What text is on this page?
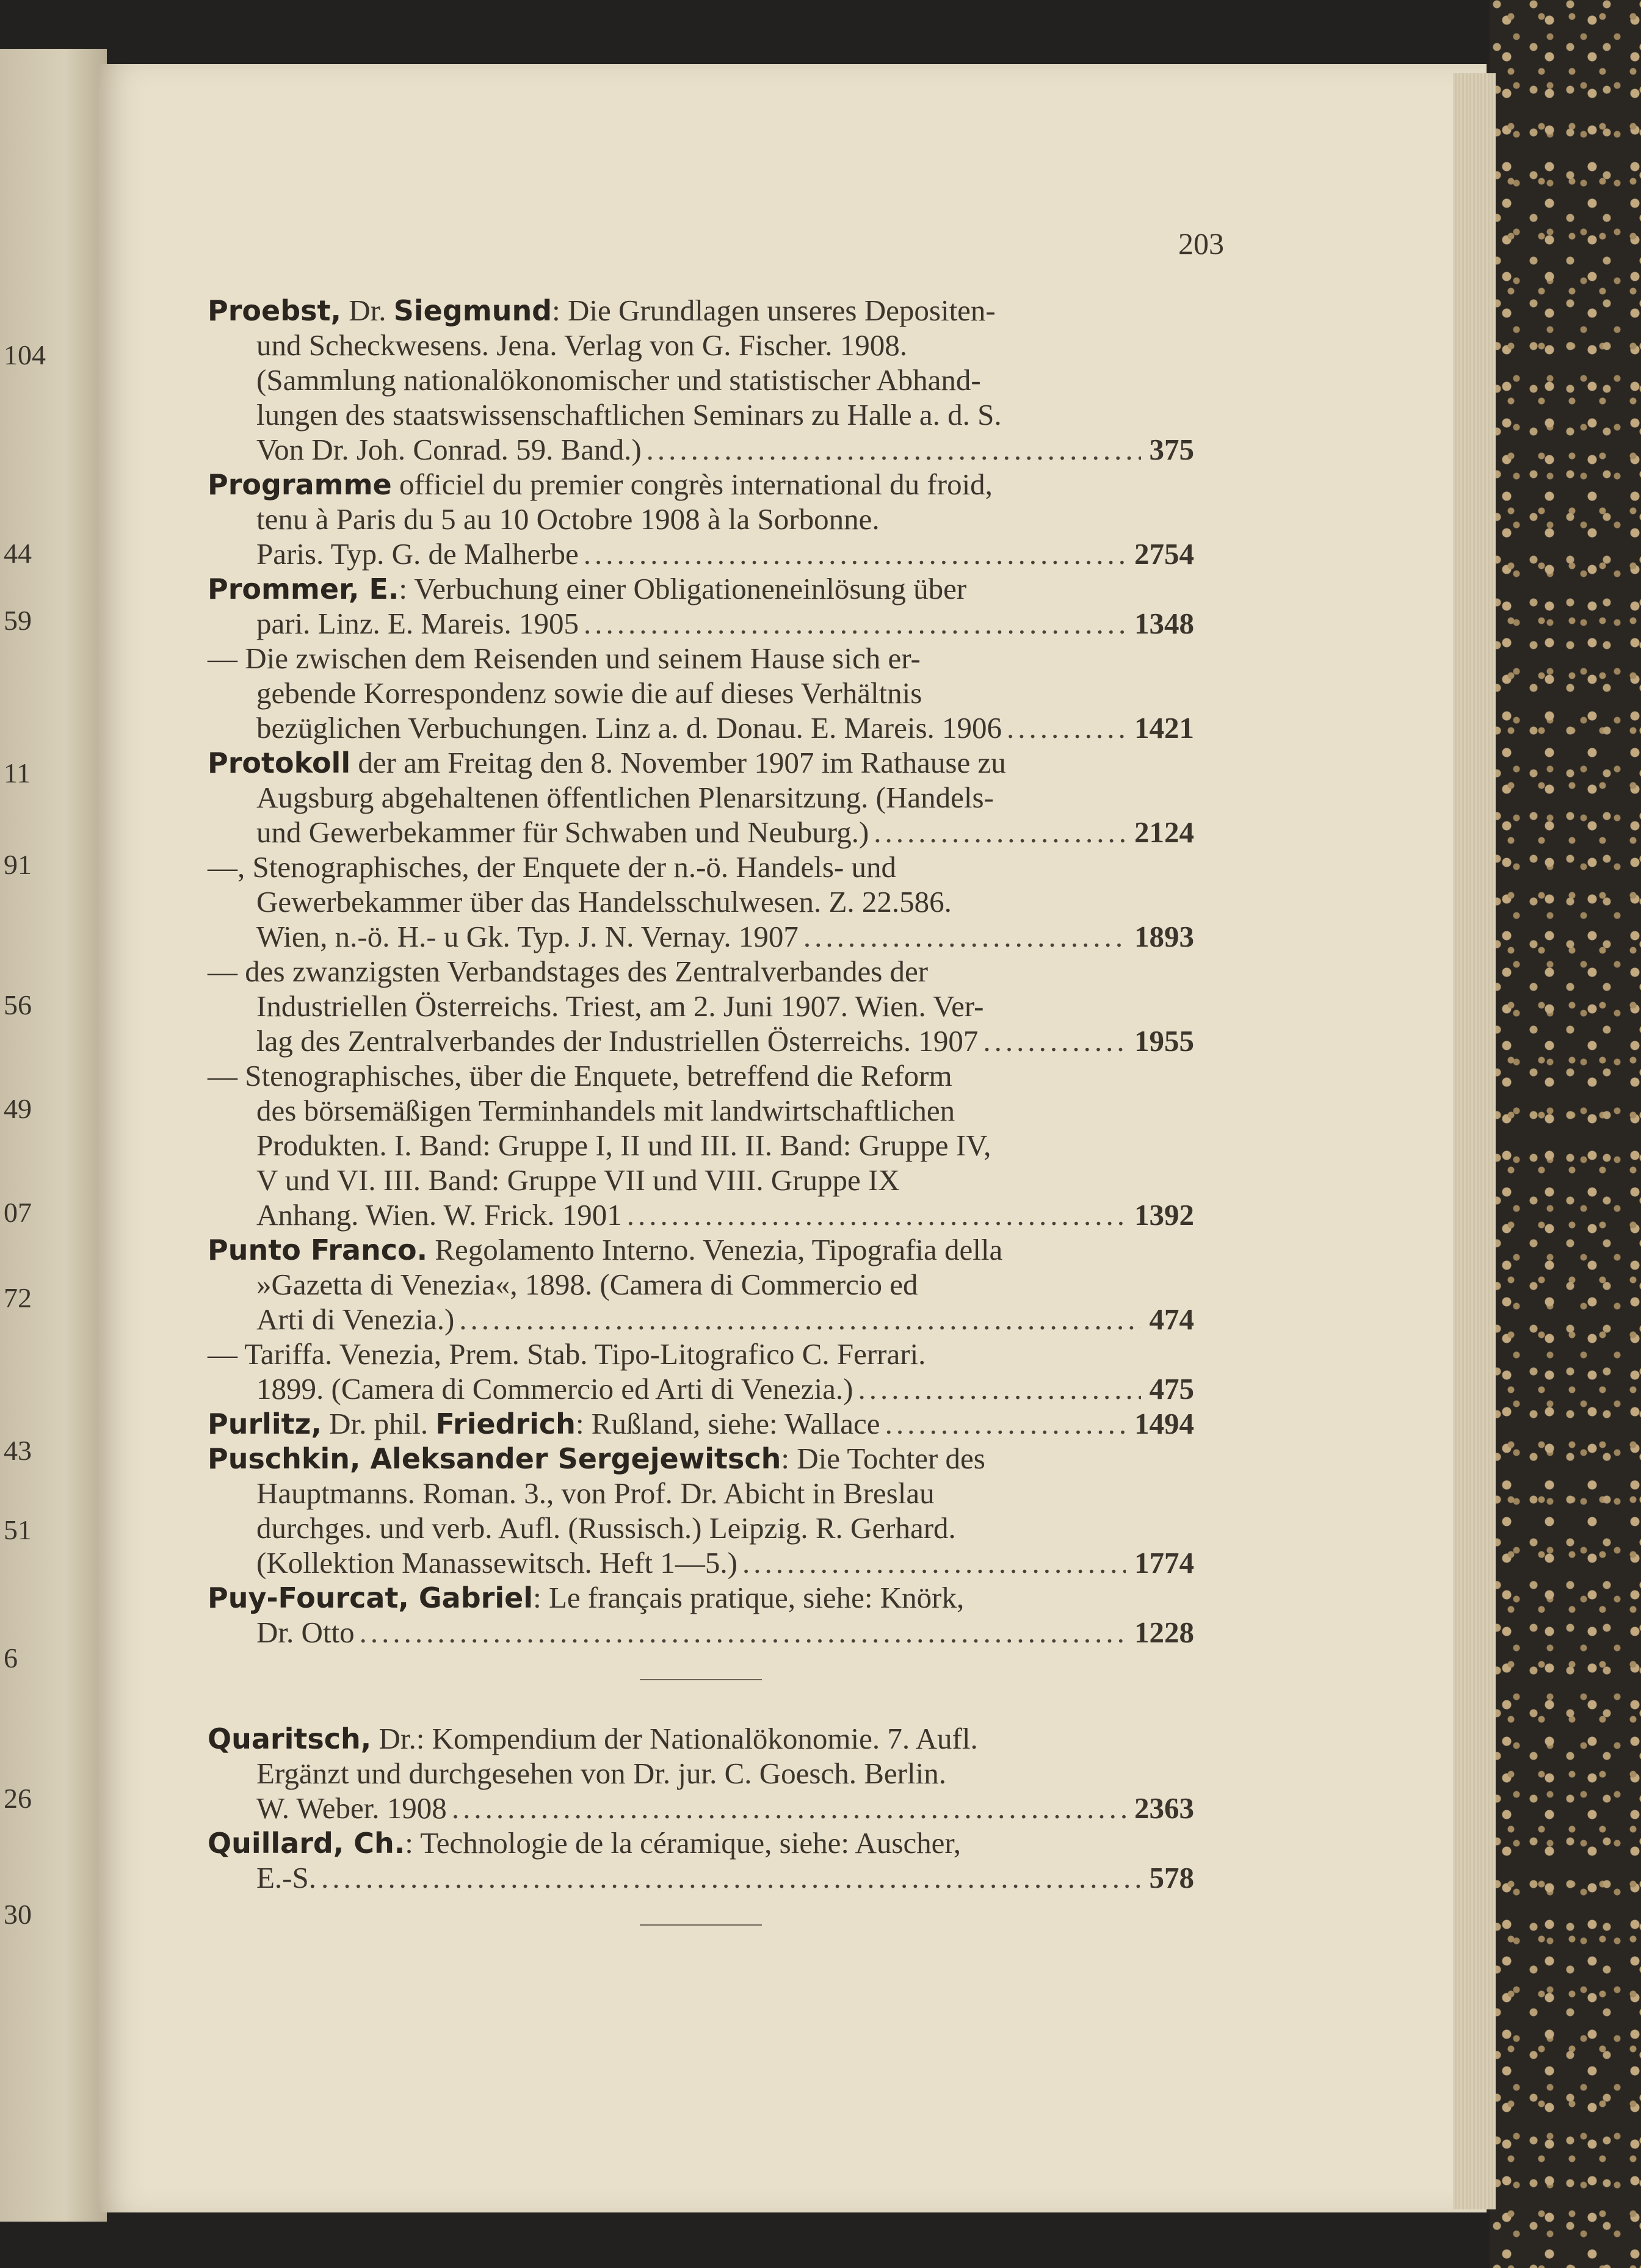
104
44
59
11
91
56
49
07
72
43
51
6
26
30
203
Proebst, Dr. Siegmund: Die Grundlagen unseres Depositen-
und Scheckwesens. Jena. Verlag von G. Fischer. 1908.
(Sammlung nationalökonomischer und statistischer Abhand-
lungen des staatswissenschaftlichen Seminars zu Halle a. d. S.
Von Dr. Joh. Conrad. 59. Band.) .....	375
Programme officiel du premier congrès international du froid,
tenu à Paris du 5 au 10 Octobre 1908 à la Sorbonne.
Paris. Typ. G. de Malherbe .....	2754
Prommer, E.: Verbuchung einer Obligationeneinlösung über
pari. Linz. E. Mareis. 1905 .....	1348
— Die zwischen dem Reisenden und seinem Hause sich er-
gebende Korrespondenz sowie die auf dieses Verhältnis
bezüglichen Verbuchungen. Linz a. d. Donau. E. Mareis. 1906 .....	1421
Protokoll der am Freitag den 8. November 1907 im Rathause zu
Augsburg abgehaltenen öffentlichen Plenarsitzung. (Handels-
und Gewerbekammer für Schwaben und Neuburg.) .....	2124
—, Stenographisches, der Enquete der n.-ö. Handels- und
Gewerbekammer über das Handelsschulwesen. Z. 22.586.
Wien, n.-ö. H.- u Gk. Typ. J. N. Vernay. 1907 .....	1893
— des zwanzigsten Verbandstages des Zentralverbandes der
Industriellen Österreichs. Triest, am 2. Juni 1907. Wien. Ver-
lag des Zentralverbandes der Industriellen Österreichs. 1907 .....	1955
— Stenographisches, über die Enquete, betreffend die Reform
des börsemäßigen Terminhandels mit landwirtschaftlichen
Produkten. I. Band: Gruppe I, II und III. II. Band: Gruppe IV,
V und VI. III. Band: Gruppe VII und VIII. Gruppe IX
Anhang. Wien. W. Frick. 1901 .....	1392
Punto Franco. Regolamento Interno. Venezia, Tipografia della
»Gazetta di Venezia«, 1898. (Camera di Commercio ed
Arti di Venezia.) .....	474
— Tariffa. Venezia, Prem. Stab. Tipo-Litografico C. Ferrari.
1899. (Camera di Commercio ed Arti di Venezia.) .....	475
Purlitz, Dr. phil. Friedrich: Rußland, siehe: Wallace .....	1494
Puschkin, Aleksander Sergejewitsch: Die Tochter des
Hauptmanns. Roman. 3., von Prof. Dr. Abicht in Breslau
durchges. und verb. Aufl. (Russisch.) Leipzig. R. Gerhard.
(Kollektion Manassewitsch. Heft 1—5.) .....	1774
Puy-Fourcat, Gabriel: Le français pratique, siehe: Knörk,
Dr. Otto .....	1228
Quaritsch, Dr.: Kompendium der Nationalökonomie. 7. Aufl.
Ergänzt und durchgesehen von Dr. jur. C. Goesch. Berlin.
W. Weber. 1908 .....	2363
Quillard, Ch.: Technologie de la céramique, siehe: Auscher,
E.-S. .....	578
